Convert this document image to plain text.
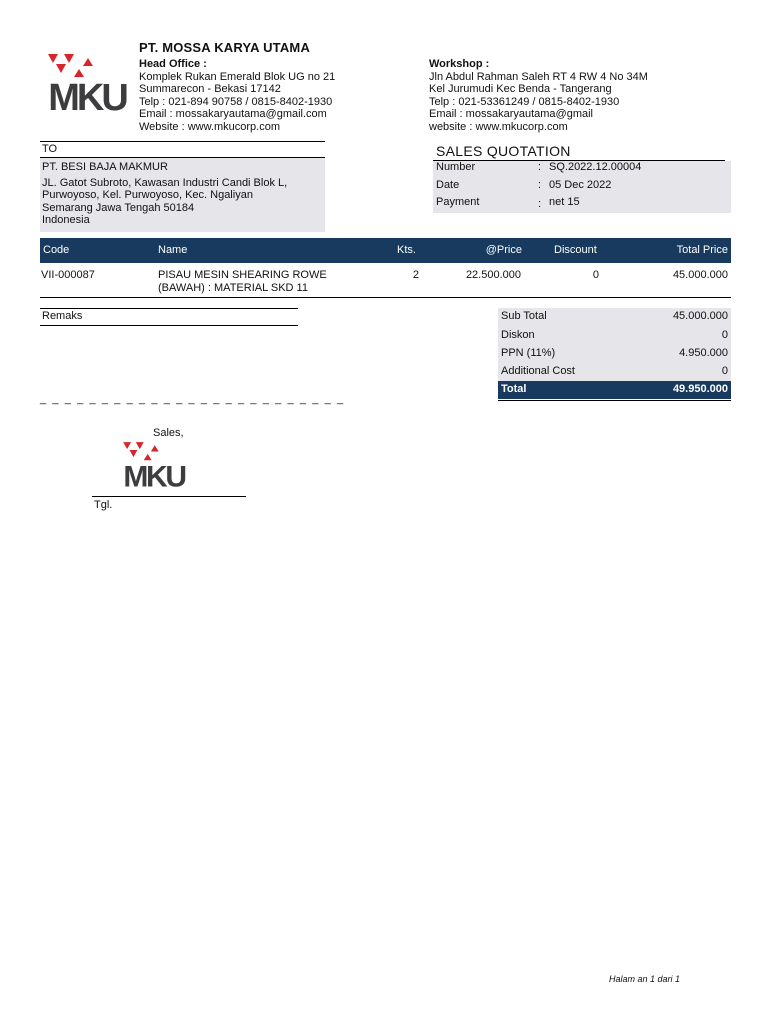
MKU
PT. MOSSA KARYA UTAMA
Head Office :
Komplek Rukan Emerald Blok UG no 21
Summarecon - Bekasi 17142
Telp : 021-894 90758 / 0815-8402-1930
Email : mossakaryautama@gmail.com
Website : www.mkucorp.com
Workshop :
Jln Abdul Rahman Saleh RT 4 RW 4 No 34M
Kel Jurumudi Kec Benda - Tangerang
Telp : 021-53361249 / 0815-8402-1930
Email : mossakaryautama@gmail
website : www.mkucorp.com
TO
PT. BESI BAJA MAKMUR
JL. Gatot Subroto, Kawasan Industri Candi Blok L,
Purwoyoso, Kel. Purwoyoso, Kec. Ngaliyan
Semarang Jawa Tengah 50184
Indonesia
SALES QUOTATION
Number	: SQ.2022.12.00004
Date	: 05 Dec 2022
Payment	: net 15
Code	Name	Kts.	@Price	Discount	Total Price
VII-000087	PISAU MESIN SHEARING ROWE
(BAWAH) : MATERIAL SKD 11
2	22.500.000	0	45.000.000
Remaks
_ _ _ _ _ _ _ _ _ _ _ _ _ _ _ _ _ _ _ _ _ _ _ _ _
Sub Total	45.000.000
Diskon	0
PPN (11%)	4.950.000
Additional Cost	0
Total	49.950.000
Sales,
MKU
Tgl.
Halam an 1 dari 1
